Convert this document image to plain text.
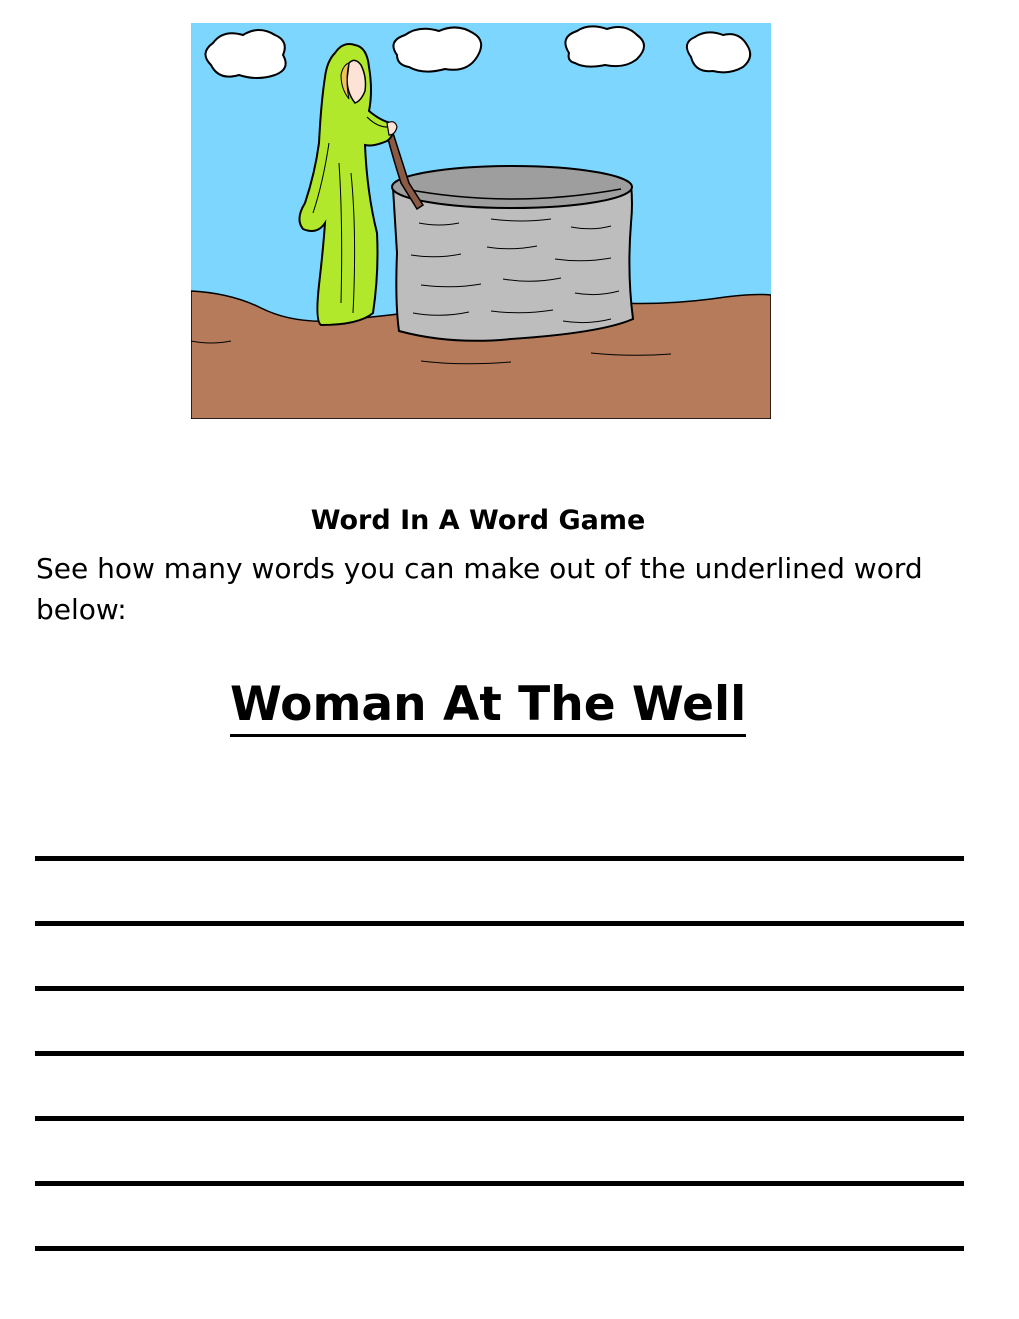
Word In A Word Game
See how many words you can make out of the underlined word below:
Woman At The Well
